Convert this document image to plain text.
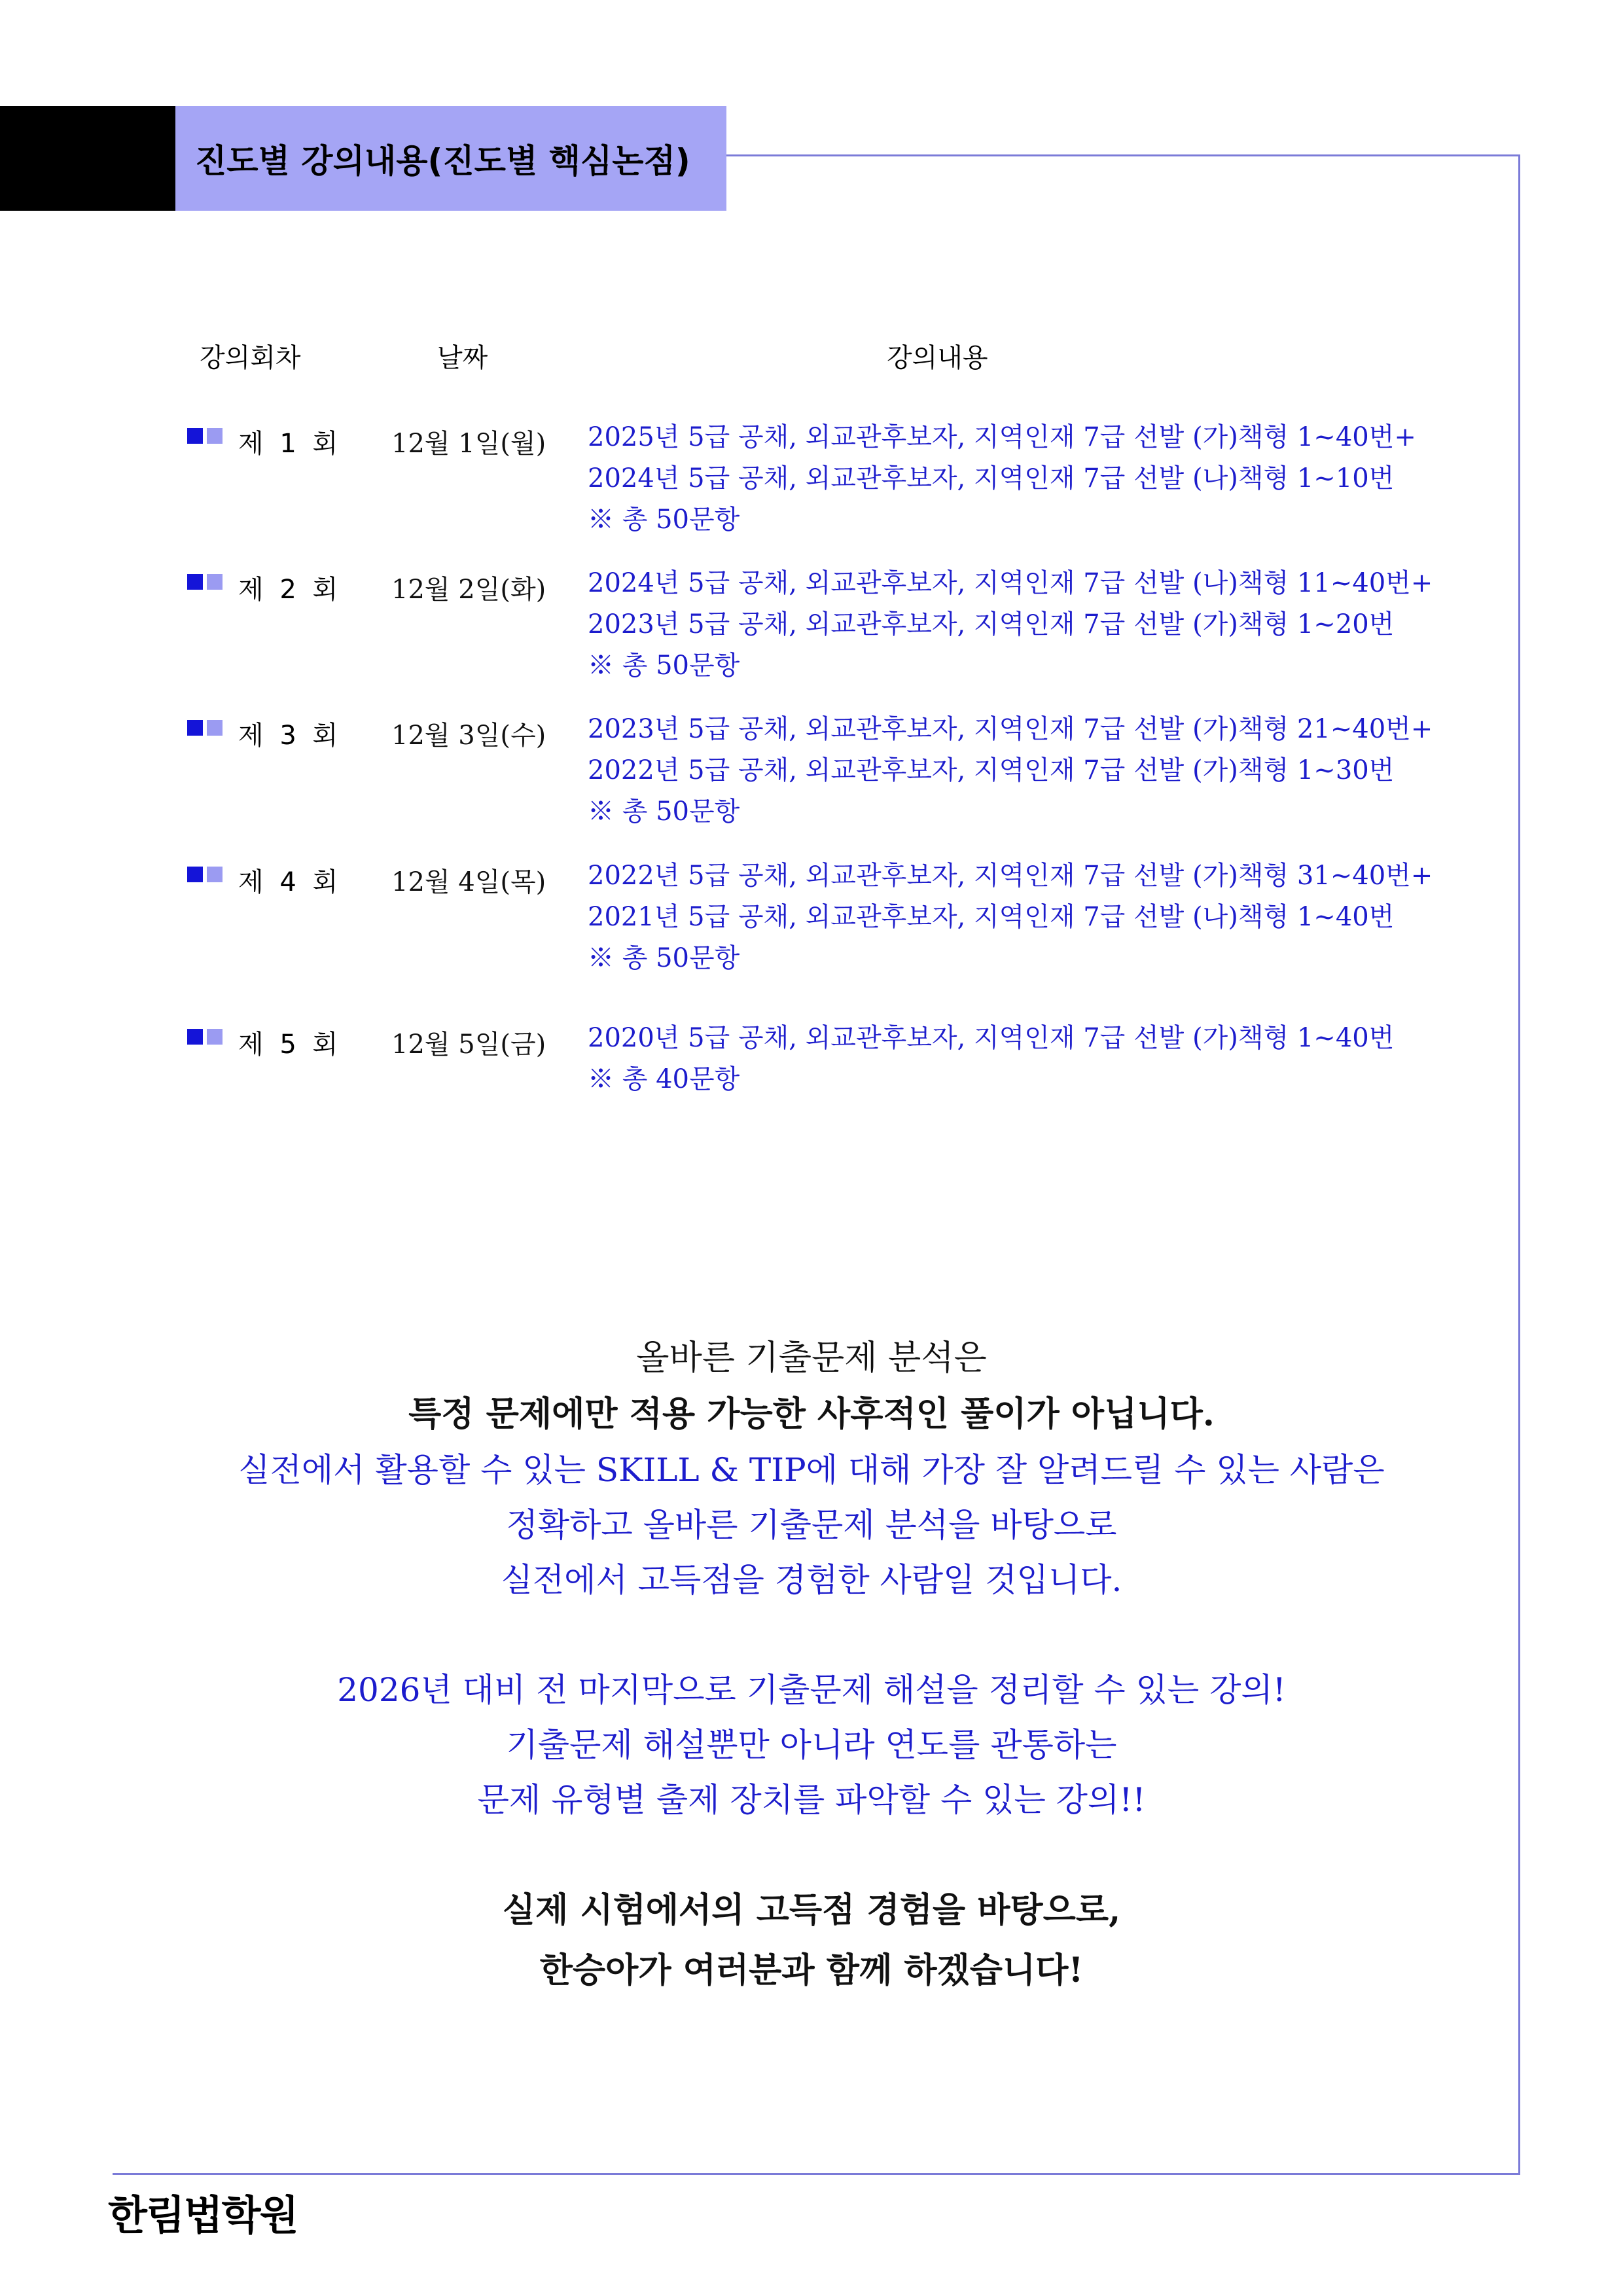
진도별 강의내용(진도별 핵심논점)
강의회차	날짜	강의내용
제 1 회 12월 1일(월) 2025년 5급 공채, 외교관후보자, 지역인재 7급 선발 (가)책형 1~40번+
2024년 5급 공채, 외교관후보자, 지역인재 7급 선발 (나)책형 1~10번
※ 총 50문항
제 2 회 12월 2일(화) 2024년 5급 공채, 외교관후보자, 지역인재 7급 선발 (나)책형 11~40번+
2023년 5급 공채, 외교관후보자, 지역인재 7급 선발 (가)책형 1~20번
※ 총 50문항
제 3 회 12월 3일(수) 2023년 5급 공채, 외교관후보자, 지역인재 7급 선발 (가)책형 21~40번+
2022년 5급 공채, 외교관후보자, 지역인재 7급 선발 (가)책형 1~30번
※ 총 50문항
제 4 회 12월 4일(목) 2022년 5급 공채, 외교관후보자, 지역인재 7급 선발 (가)책형 31~40번+
2021년 5급 공채, 외교관후보자, 지역인재 7급 선발 (나)책형 1~40번
※ 총 50문항
제 5 회 12월 5일(금) 2020년 5급 공채, 외교관후보자, 지역인재 7급 선발 (가)책형 1~40번
※ 총 40문항
올바른 기출문제 분석은
특정 문제에만 적용 가능한 사후적인 풀이가 아닙니다.
실전에서 활용할 수 있는 SKILL & TIP에 대해 가장 잘 알려드릴 수 있는 사람은
정확하고 올바른 기출문제 분석을 바탕으로
실전에서 고득점을 경험한 사람일 것입니다.
2026년 대비 전 마지막으로 기출문제 해설을 정리할 수 있는 강의!
기출문제 해설뿐만 아니라 연도를 관통하는
문제 유형별 출제 장치를 파악할 수 있는 강의!!
실제 시험에서의 고득점 경험을 바탕으로,
한승아가 여러분과 함께 하겠습니다!
한림법학원
